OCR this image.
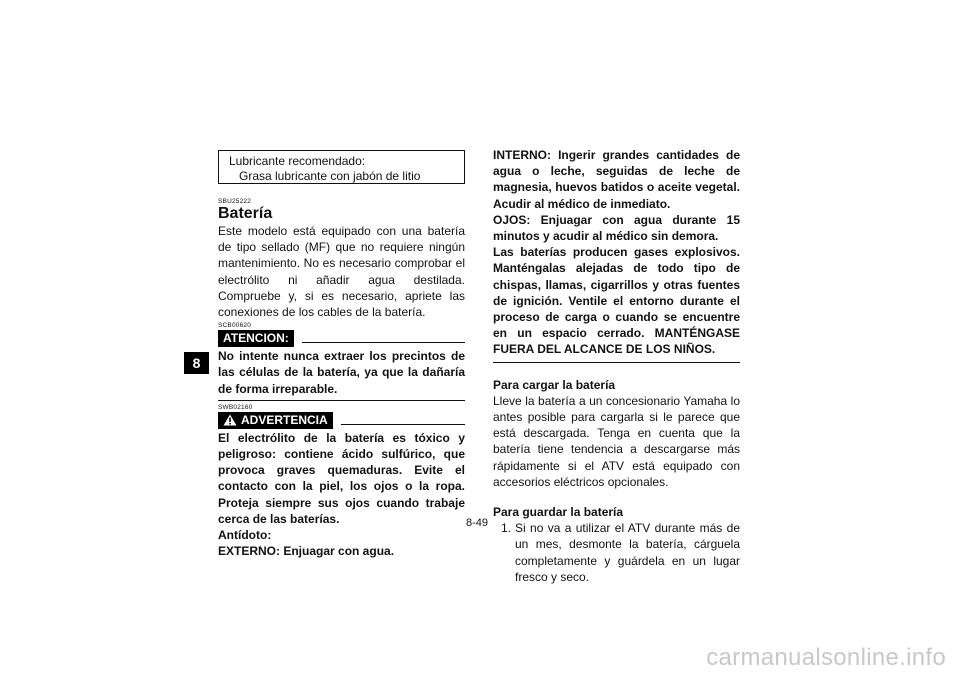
8
Lubricante recomendado:
Grasa lubricante con jabón de litio
SBU25222
Batería

Este modelo está equipado con una batería de tipo sellado (MF) que no requiere ningún mantenimiento. No es necesario comprobar el electrólito ni añadir agua destilada. Compruebe y, si es necesario, apriete las conexiones de los cables de la batería.

SCB00620
ATENCION:

No intente nunca extraer los precintos de las células de la batería, ya que la dañaría de forma irreparable.

SWB02160
ADVERTENCIA

El electrólito de la batería es tóxico y peligroso: contiene ácido sulfúrico, que provoca graves quemaduras. Evite el contacto con la piel, los ojos o la ropa. Proteja siempre sus ojos cuando trabaje cerca de las baterías.

Antídoto:
EXTERNO: Enjuagar con agua.

INTERNO: Ingerir grandes cantidades de agua o leche, seguidas de leche de magnesia, huevos batidos o aceite vegetal. Acudir al médico de inmediato.

OJOS: Enjuagar con agua durante 15 minutos y acudir al médico sin demora.

Las baterías producen gases explosivos. Manténgalas alejadas de todo tipo de chispas, llamas, cigarrillos y otras fuentes de ignición. Ventile el entorno durante el proceso de carga o cuando se encuentre en un espacio cerrado. MANTÉNGASE FUERA DEL ALCANCE DE LOS NIÑOS.

Para cargar la batería

Lleve la batería a un concesionario Yamaha lo antes posible para cargarla si le parece que está descargada. Tenga en cuenta que la batería tiene tendencia a descargarse más rápidamente si el ATV está equipado con accesorios eléctricos opcionales.

Para guardar la batería
1. Si no va a utilizar el ATV durante más de un mes, desmonte la batería, cárguela completamente y guárdela en un lugar fresco y seco.
8-49
carmanualsonline.info
